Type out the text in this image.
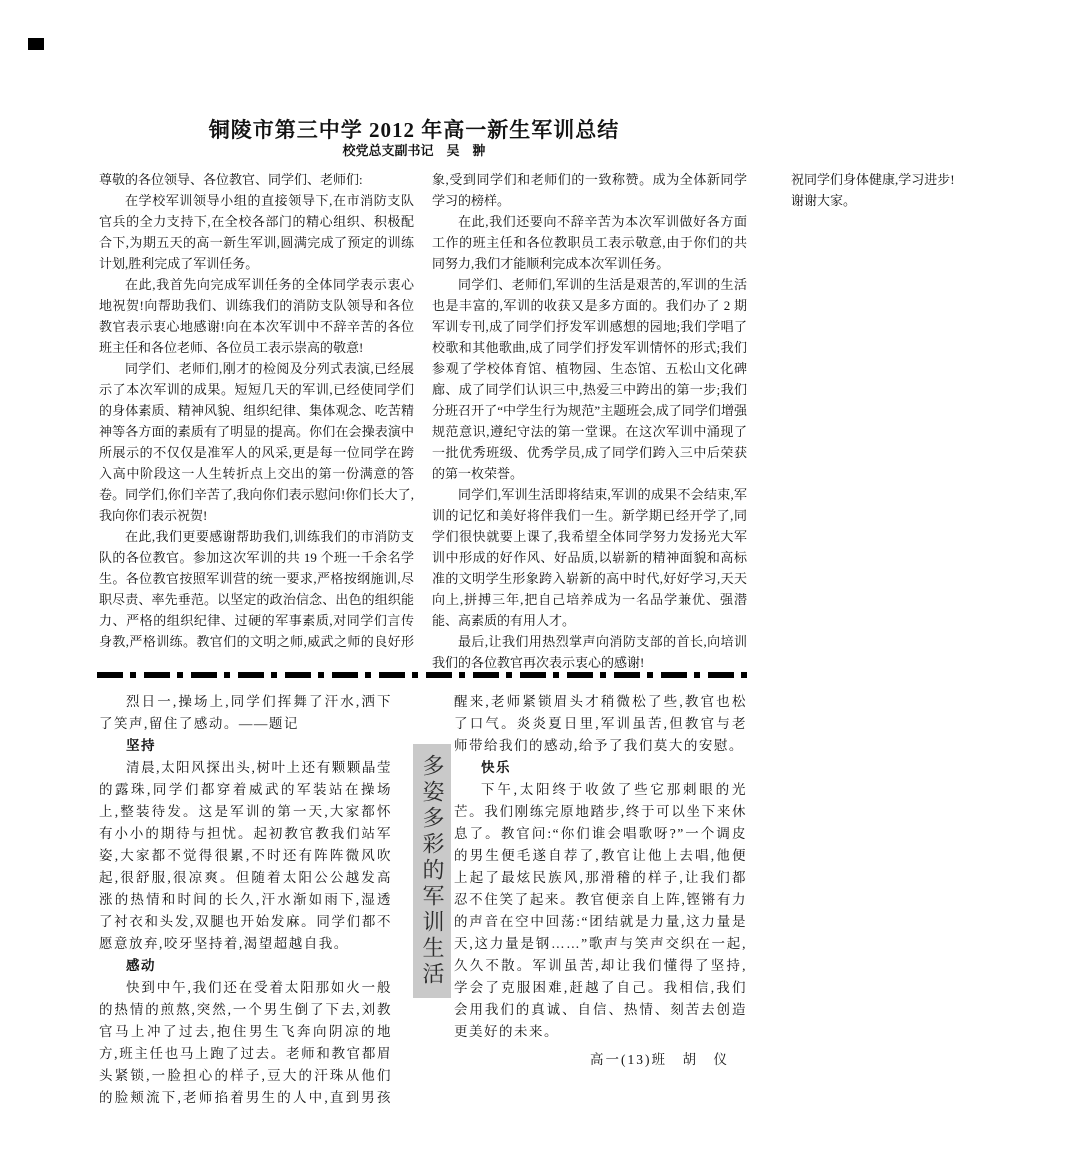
铜陵市第三中学 2012 年高一新生军训总结
校党总支副书记　吴　翀

尊敬的各位领导、各位教官、同学们、老师们:

在学校军训领导小组的直接领导下,在市消防支队官兵的全力支持下,在全校各部门的精心组织、积极配合下,为期五天的高一新生军训,圆满完成了预定的训练计划,胜利完成了军训任务。

在此,我首先向完成军训任务的全体同学表示衷心地祝贺!向帮助我们、训练我们的消防支队领导和各位教官表示衷心地感谢!向在本次军训中不辞辛苦的各位班主任和各位老师、各位员工表示崇高的敬意!

同学们、老师们,刚才的检阅及分列式表演,已经展示了本次军训的成果。短短几天的军训,已经使同学们的身体素质、精神风貌、组织纪律、集体观念、吃苦精神等各方面的素质有了明显的提高。你们在会操表演中所展示的不仅仅是准军人的风采,更是每一位同学在跨入高中阶段这一人生转折点上交出的第一份满意的答卷。同学们,你们辛苦了,我向你们表示慰问!你们长大了,我向你们表示祝贺!

在此,我们更要感谢帮助我们,训练我们的市消防支队的各位教官。参加这次军训的共 19 个班一千余名学生。各位教官按照军训营的统一要求,严格按纲施训,尽职尽责、率先垂范。以坚定的政治信念、出色的组织能力、严格的组织纪律、过硬的军事素质,对同学们言传身教,严格训练。教官们的文明之师,威武之师的良好形象,受到同学们和老师们的一致称赞。成为全体新同学学习的榜样。

在此,我们还要向不辞辛苦为本次军训做好各方面工作的班主任和各位教职员工表示敬意,由于你们的共同努力,我们才能顺利完成本次军训任务。

同学们、老师们,军训的生活是艰苦的,军训的生活也是丰富的,军训的收获又是多方面的。我们办了 2 期军训专刊,成了同学们抒发军训感想的园地;我们学唱了校歌和其他歌曲,成了同学们抒发军训情怀的形式;我们参观了学校体育馆、植物园、生态馆、五松山文化碑廊、成了同学们认识三中,热爱三中跨出的第一步;我们分班召开了“中学生行为规范”主题班会,成了同学们增强规范意识,遵纪守法的第一堂课。在这次军训中涌现了一批优秀班级、优秀学员,成了同学们跨入三中后荣获的第一枚荣誉。

同学们,军训生活即将结束,军训的成果不会结束,军训的记忆和美好将伴我们一生。新学期已经开学了,同学们很快就要上课了,我希望全体同学努力发扬光大军训中形成的好作风、好品质,以崭新的精神面貌和高标准的文明学生形象跨入崭新的高中时代,好好学习,天天向上,拼搏三年,把自己培养成为一名品学兼优、强潜能、高素质的有用人才。

最后,让我们用热烈掌声向消防支部的首长,向培训我们的各位教官再次表示衷心的感谢!

祝同学们身体健康,学习进步!

谢谢大家。

烈日一,操场上,同学们挥舞了汗水,洒下了笑声,留住了感动。——题记

坚持

清晨,太阳风探出头,树叶上还有颗颗晶莹的露珠,同学们都穿着威武的军装站在操场上,整装待发。这是军训的第一天,大家都怀有小小的期待与担忧。起初教官教我们站军姿,大家都不觉得很累,不时还有阵阵微风吹起,很舒服,很凉爽。但随着太阳公公越发高涨的热情和时间的长久,汗水渐如雨下,湿透了衬衣和头发,双腿也开始发麻。同学们都不愿意放弃,咬牙坚持着,渴望超越自我。

感动

快到中午,我们还在受着太阳那如火一般的热情的煎熬,突然,一个男生倒了下去,刘教官马上冲了过去,抱住男生飞奔向阴凉的地方,班主任也马上跑了过去。老师和教官都眉头紧锁,一脸担心的样子,豆大的汗珠从他们的脸颊流下,老师掐着男生的人中,直到男孩醒来,老师紧锁眉头才稍微松了些,教官也松了口气。炎炎夏日里,军训虽苦,但教官与老师带给我们的感动,给予了我们莫大的安慰。

快乐

下午,太阳终于收敛了些它那刺眼的光芒。我们刚练完原地踏步,终于可以坐下来休息了。教官问:“你们谁会唱歌呀?”一个调皮的男生便毛遂自荐了,教官让他上去唱,他便上起了最炫民族风,那滑稽的样子,让我们都忍不住笑了起来。教官便亲自上阵,铿锵有力的声音在空中回荡:“团结就是力量,这力量是天,这力量是钢……”歌声与笑声交织在一起,久久不散。军训虽苦,却让我们懂得了坚持,学会了克服困难,赶越了自己。我相信,我们会用我们的真诚、自信、热情、刻苦去创造更美好的未来。

高一(13)班　胡　仪

多姿多彩的军训生活
